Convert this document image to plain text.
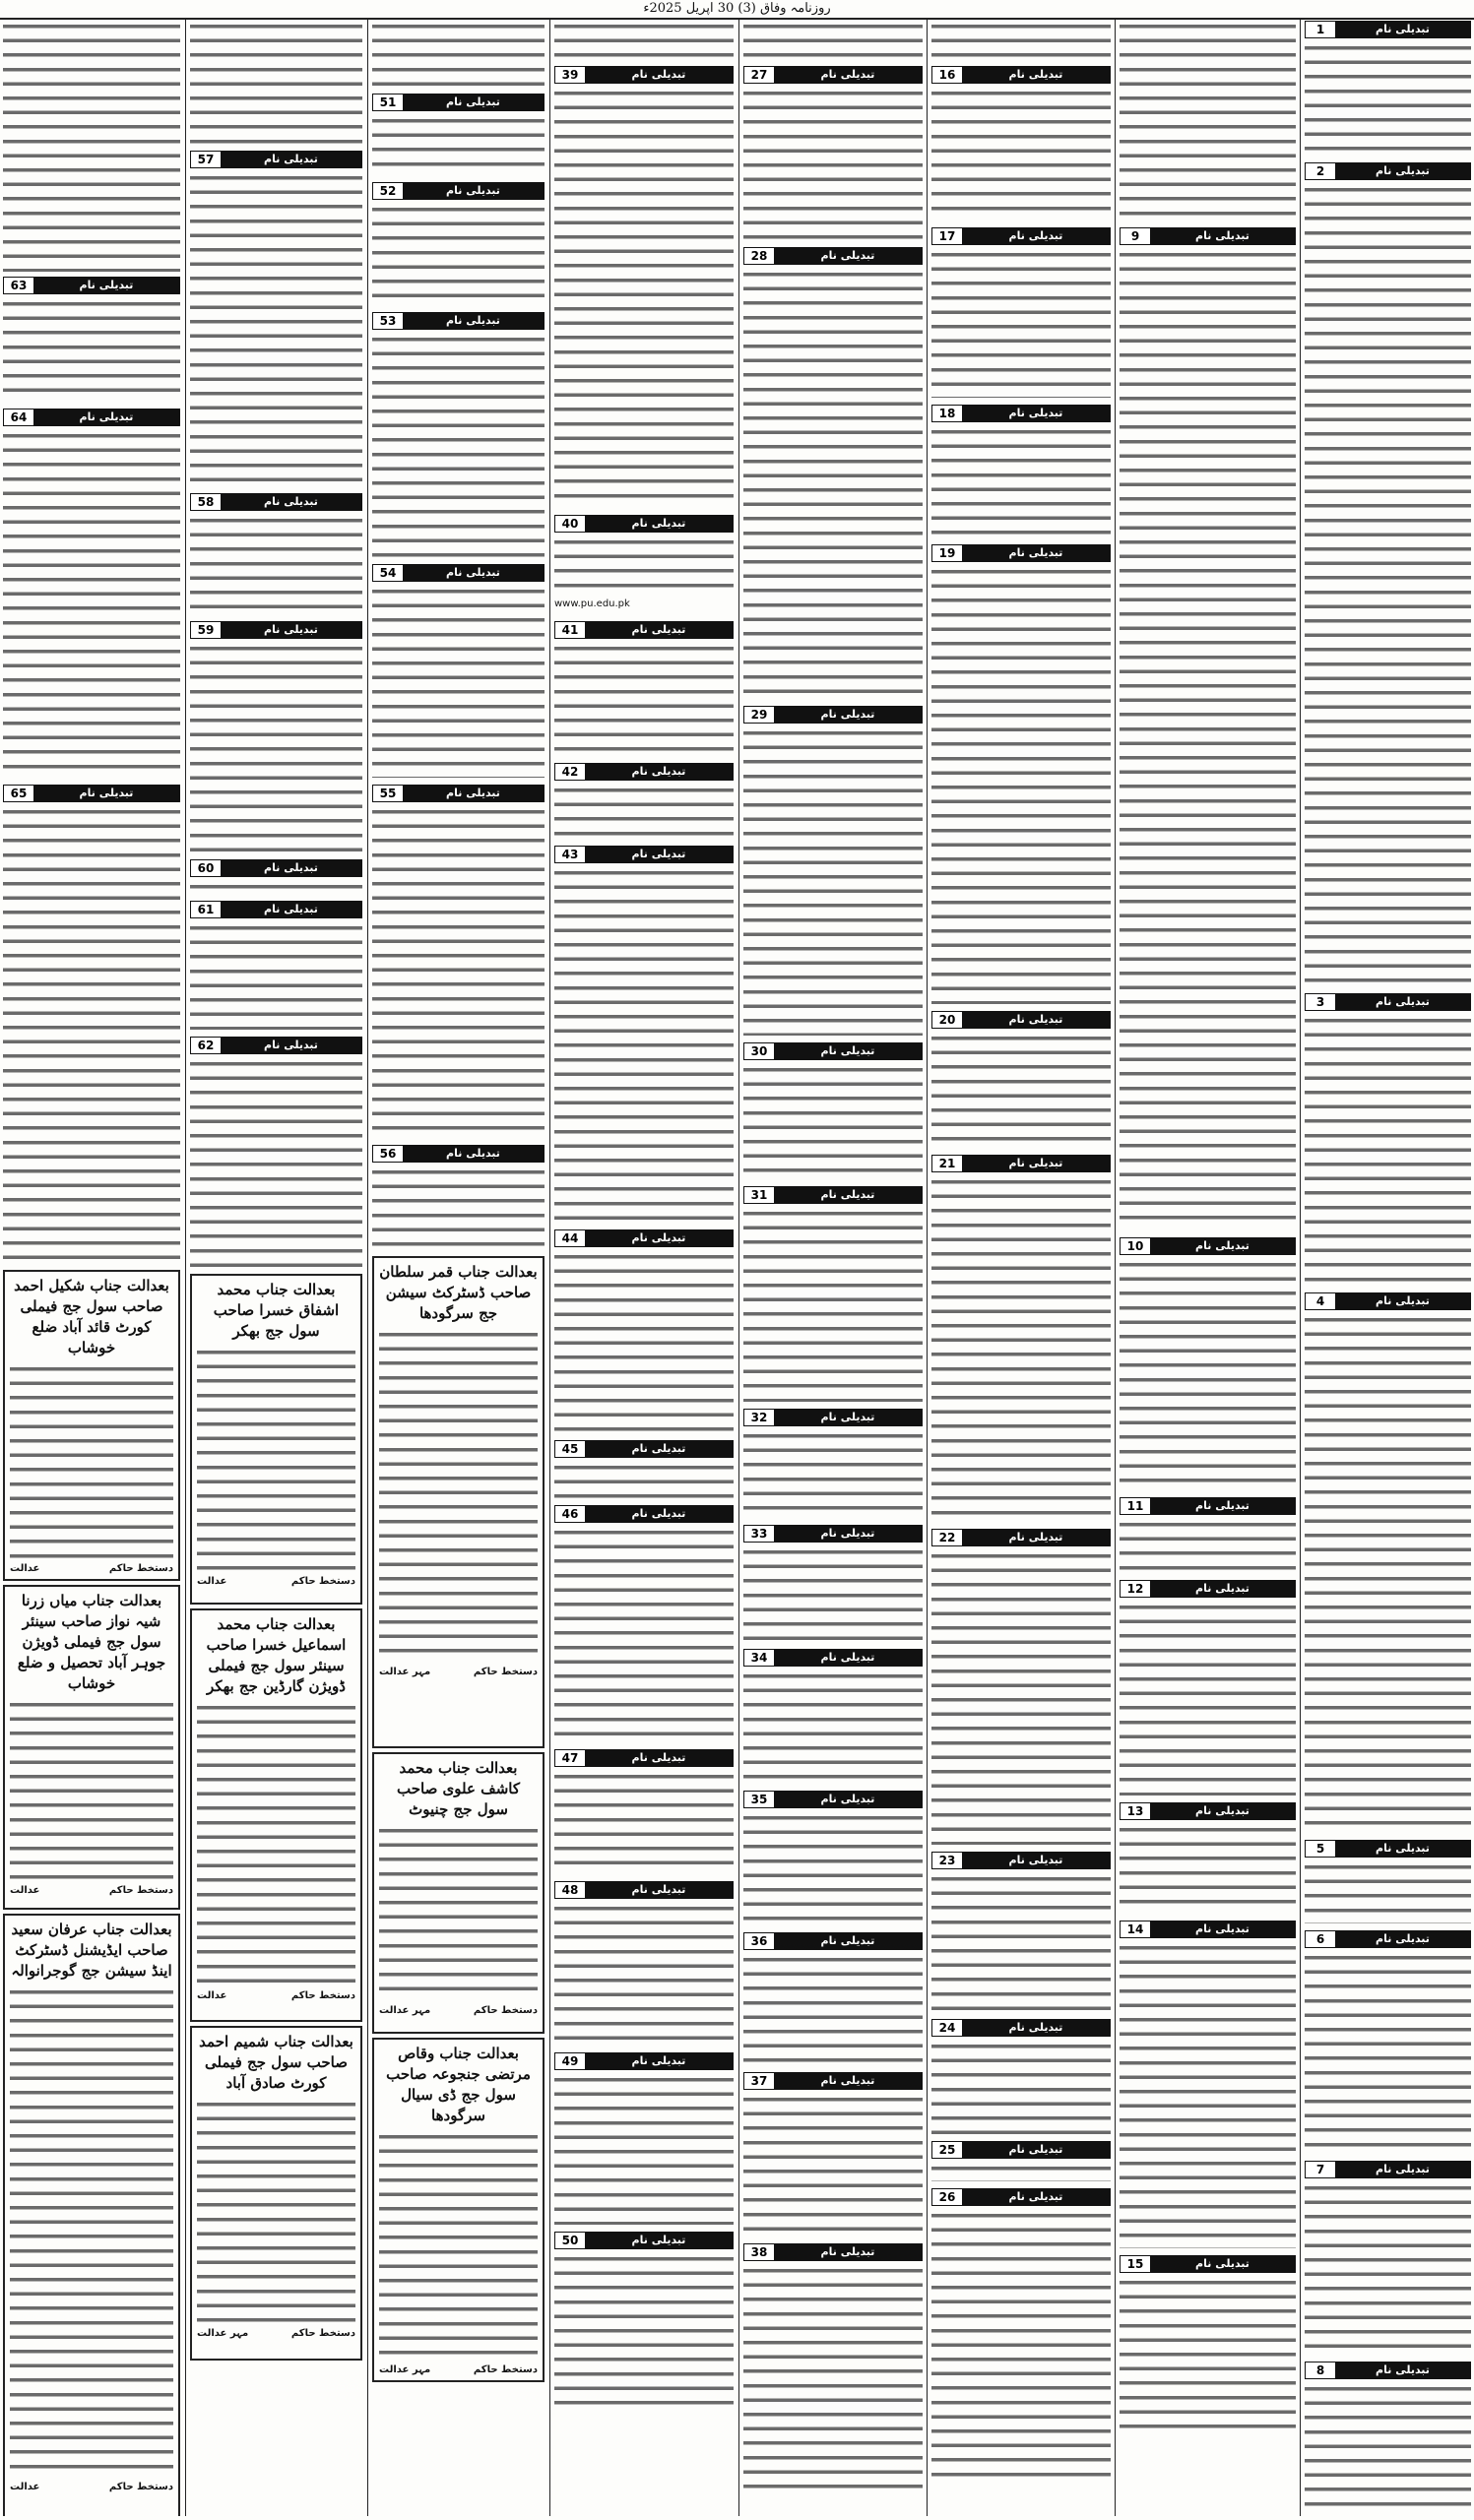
روزنامہ وفاق (3) 30 اپریل 2025ء
1	تبدیلی نام
2	تبدیلی نام
3	تبدیلی نام
4	تبدیلی نام
5	تبدیلی نام
6	تبدیلی نام
7	تبدیلی نام
8	تبدیلی نام
9	تبدیلی نام
10	تبدیلی نام
11	تبدیلی نام
12	تبدیلی نام
13	تبدیلی نام
14	تبدیلی نام
15	تبدیلی نام
16	تبدیلی نام
17	تبدیلی نام
18	تبدیلی نام
19	تبدیلی نام
20	تبدیلی نام
21	تبدیلی نام
22	تبدیلی نام
23	تبدیلی نام
24	تبدیلی نام
25	تبدیلی نام
26	تبدیلی نام
27	تبدیلی نام
28	تبدیلی نام
29	تبدیلی نام
30	تبدیلی نام
31	تبدیلی نام
32	تبدیلی نام
33	تبدیلی نام
34	تبدیلی نام
35	تبدیلی نام
36	تبدیلی نام
37	تبدیلی نام
38	تبدیلی نام
39	تبدیلی نام
40	تبدیلی نام
www.pu.edu.pk
41	تبدیلی نام
42	تبدیلی نام
43	تبدیلی نام
44	تبدیلی نام
45	تبدیلی نام
46	تبدیلی نام
47	تبدیلی نام
48	تبدیلی نام
49	تبدیلی نام
50	تبدیلی نام
51	تبدیلی نام
52	تبدیلی نام
53	تبدیلی نام
54	تبدیلی نام
55	تبدیلی نام
56	تبدیلی نام
بعدالت جناب قمر سلطان صاحب ڈسٹرکٹ سیشن جج سرگودھا
دستخط حاکم
مہر عدالت
بعدالت جناب محمد کاشف علوی صاحب سول جج چنیوٹ
دستخط حاکم
مہر عدالت
بعدالت جناب وقاص مرتضی جنجوعہ صاحب سول جج ڈی سیال سرگودھا
دستخط حاکم
مہر عدالت
57	تبدیلی نام
58	تبدیلی نام
59	تبدیلی نام
60	تبدیلی نام
61	تبدیلی نام
62	تبدیلی نام
بعدالت جناب محمد اشفاق خسرا صاحب سول جج بھکر
دستخط حاکم
عدالت
بعدالت جناب محمد اسماعیل خسرا صاحب سینئر سول جج فیملی ڈویژن گارڈین جج بھکر
دستخط حاکم
عدالت
بعدالت جناب شمیم احمد صاحب سول جج فیملی کورٹ صادق آباد
دستخط حاکم
مہر عدالت
63	تبدیلی نام
64	تبدیلی نام
65	تبدیلی نام
بعدالت جناب شکیل احمد صاحب سول جج فیملی کورٹ قائد آباد ضلع خوشاب
دستخط حاکم
عدالت
بعدالت جناب میاں زرنا شیہ نواز صاحب سینئر سول جج فیملی ڈویژن جوہر آباد تحصیل و ضلع خوشاب
دستخط حاکم
عدالت
بعدالت جناب عرفان سعید صاحب ایڈیشنل ڈسٹرکٹ اینڈ سیشن جج گوجرانوالہ
دستخط حاکم
عدالت
